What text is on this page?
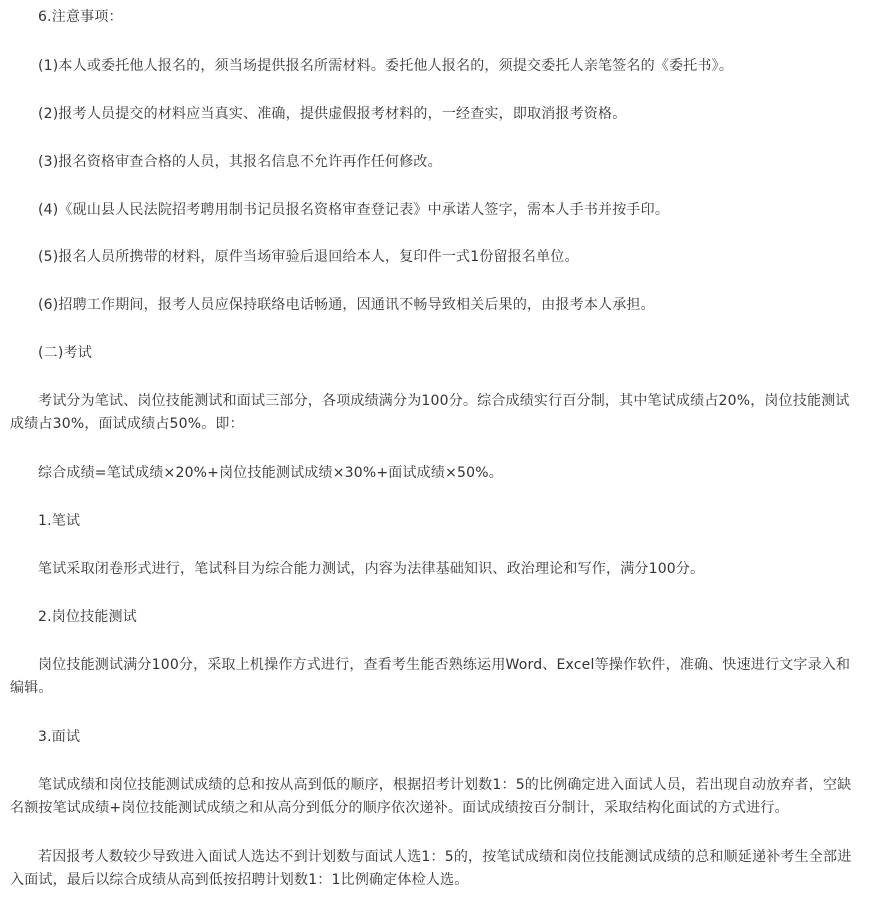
6.注意事项：
(1)本人或委托他人报名的，须当场提供报名所需材料。委托他人报名的，须提交委托人亲笔签名的《委托书》。
(2)报考人员提交的材料应当真实、准确，提供虚假报考材料的，一经查实，即取消报考资格。
(3)报名资格审查合格的人员，其报名信息不允许再作任何修改。
(4)《砚山县人民法院招考聘用制书记员报名资格审查登记表》中承诺人签字，需本人手书并按手印。
(5)报名人员所携带的材料，原件当场审验后退回给本人，复印件一式1份留报名单位。
(6)招聘工作期间，报考人员应保持联络电话畅通，因通讯不畅导致相关后果的，由报考本人承担。
(二)考试
考试分为笔试、岗位技能测试和面试三部分，各项成绩满分为100分。综合成绩实行百分制，其中笔试成绩占20%，岗位技能测试
成绩占30%，面试成绩占50%。即：
综合成绩=笔试成绩×20%+岗位技能测试成绩×30%+面试成绩×50%。
1.笔试
笔试采取闭卷形式进行，笔试科目为综合能力测试，内容为法律基础知识、政治理论和写作，满分100分。
2.岗位技能测试
岗位技能测试满分100分，采取上机操作方式进行，查看考生能否熟练运用Word、Excel等操作软件，准确、快速进行文字录入和
编辑。
3.面试
笔试成绩和岗位技能测试成绩的总和按从高到低的顺序，根据招考计划数1：5的比例确定进入面试人员，若出现自动放弃者，空缺
名额按笔试成绩+岗位技能测试成绩之和从高分到低分的顺序依次递补。面试成绩按百分制计，采取结构化面试的方式进行。
若因报考人数较少导致进入面试人选达不到计划数与面试人选1：5的，按笔试成绩和岗位技能测试成绩的总和顺延递补考生全部进
入面试，最后以综合成绩从高到低按招聘计划数1：1比例确定体检人选。
